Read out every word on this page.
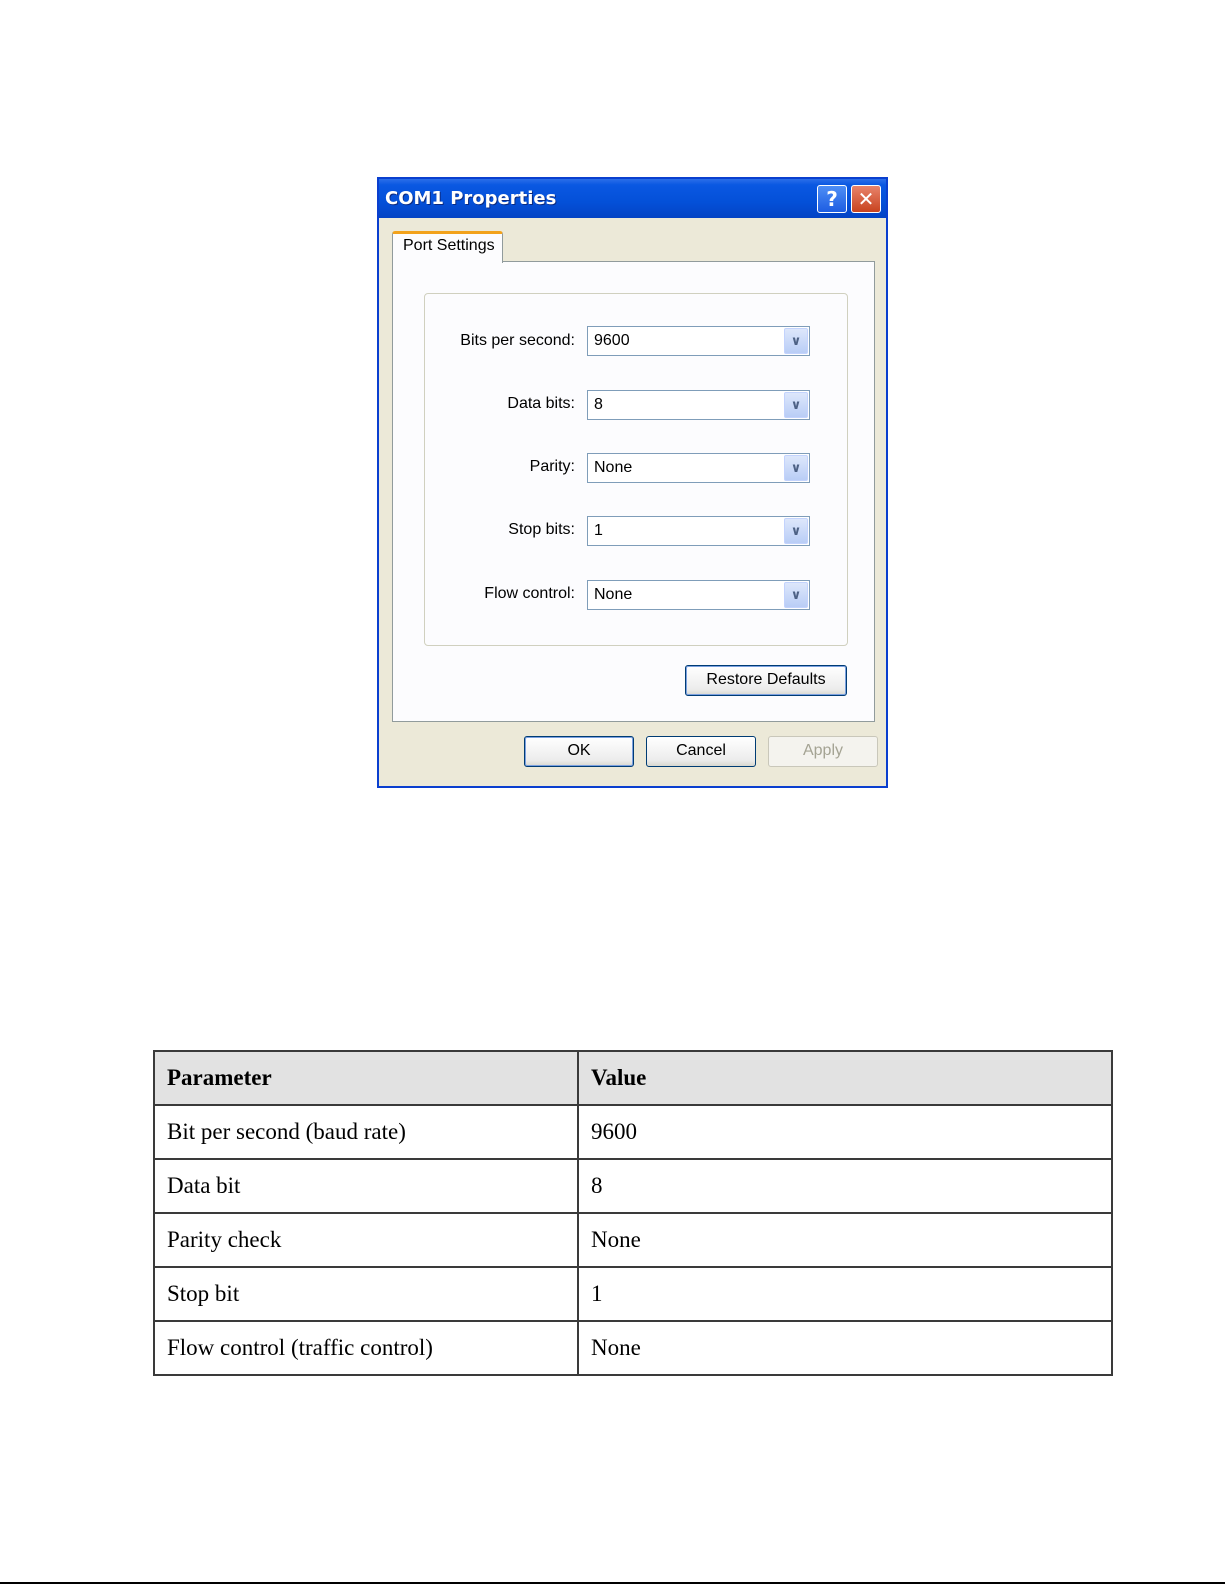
COM1 Properties	? ✕
Port Settings
Bits per second: 9600	∨
Data bits: 8	∨
Parity: None	∨
Stop bits: 1	∨
Flow control: None	∨
Restore Defaults
OK	Cancel	Apply
Parameter	Value
Bit per second (baud rate)	9600
Data bit	8
Parity check	None
Stop bit	1
Flow control (traffic control)	None
